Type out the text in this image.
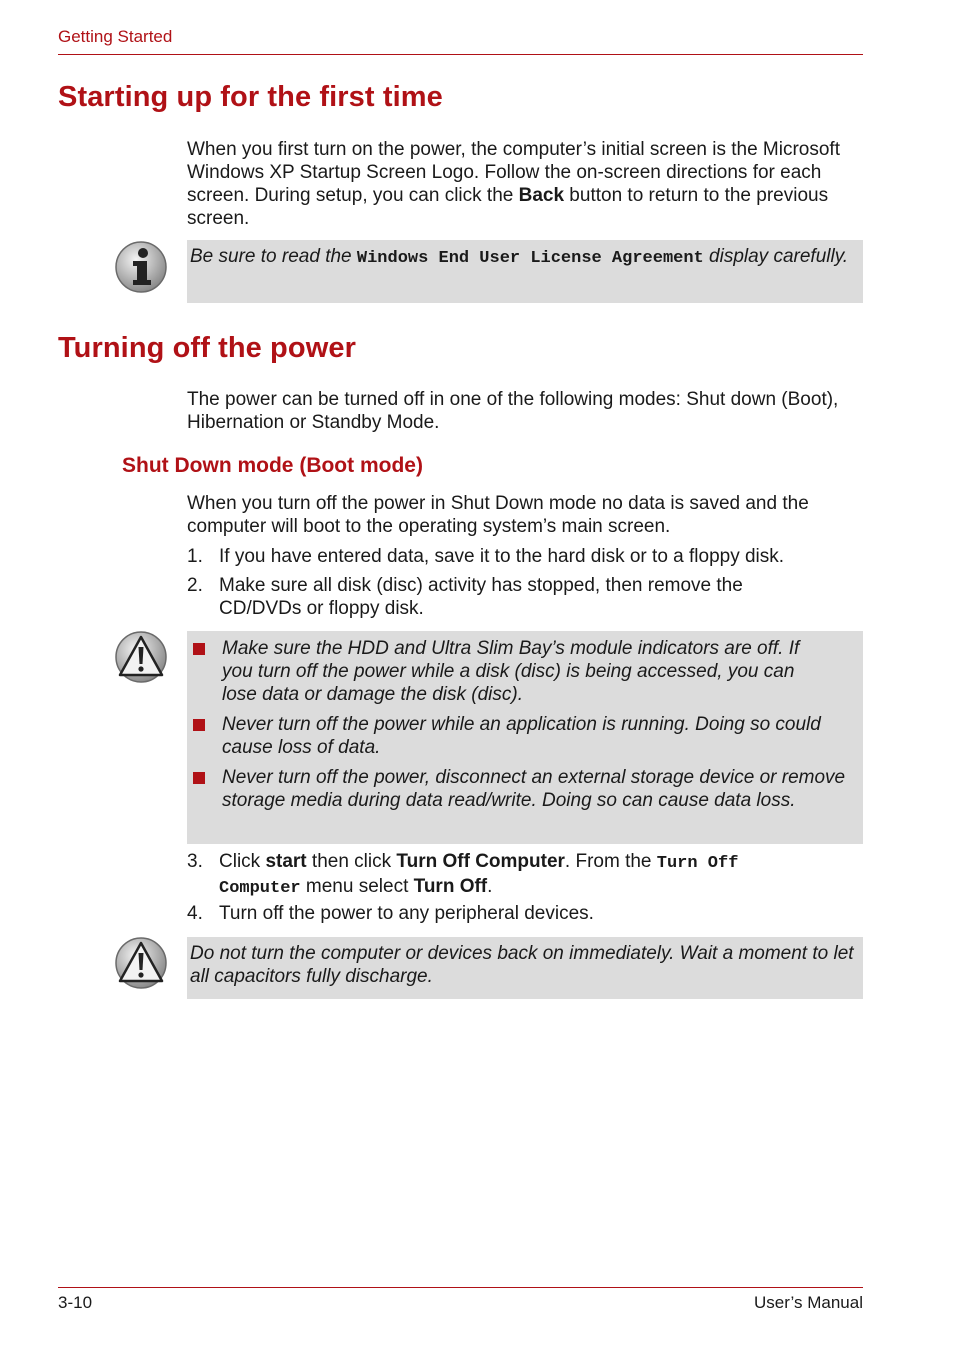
Getting Started
Starting up for the first time
When you first turn on the power, the computer’s initial screen is the Microsoft Windows XP Startup Screen Logo. Follow the on-screen directions for each screen. During setup, you can click the Back button to return to the previous screen.
Be sure to read the Windows End User License Agreement display carefully.
Turning off the power
The power can be turned off in one of the following modes: Shut down (Boot), Hibernation or Standby Mode.
Shut Down mode (Boot mode)
When you turn off the power in Shut Down mode no data is saved and the computer will boot to the operating system’s main screen.
1. If you have entered data, save it to the hard disk or to a floppy disk.
2. Make sure all disk (disc) activity has stopped, then remove the CD/DVDs or floppy disk.
Make sure the HDD and Ultra Slim Bay’s module indicators are off. If you turn off the power while a disk (disc) is being accessed, you can lose data or damage the disk (disc).
Never turn off the power while an application is running. Doing so could cause loss of data.
Never turn off the power, disconnect an external storage device or remove storage media during data read/write. Doing so can cause data loss.
3. Click start then click Turn Off Computer. From the Turn Off
Computer menu select Turn Off.
4. Turn off the power to any peripheral devices.
Do not turn the computer or devices back on immediately. Wait a moment to let all capacitors fully discharge.
3-10	User’s Manual
